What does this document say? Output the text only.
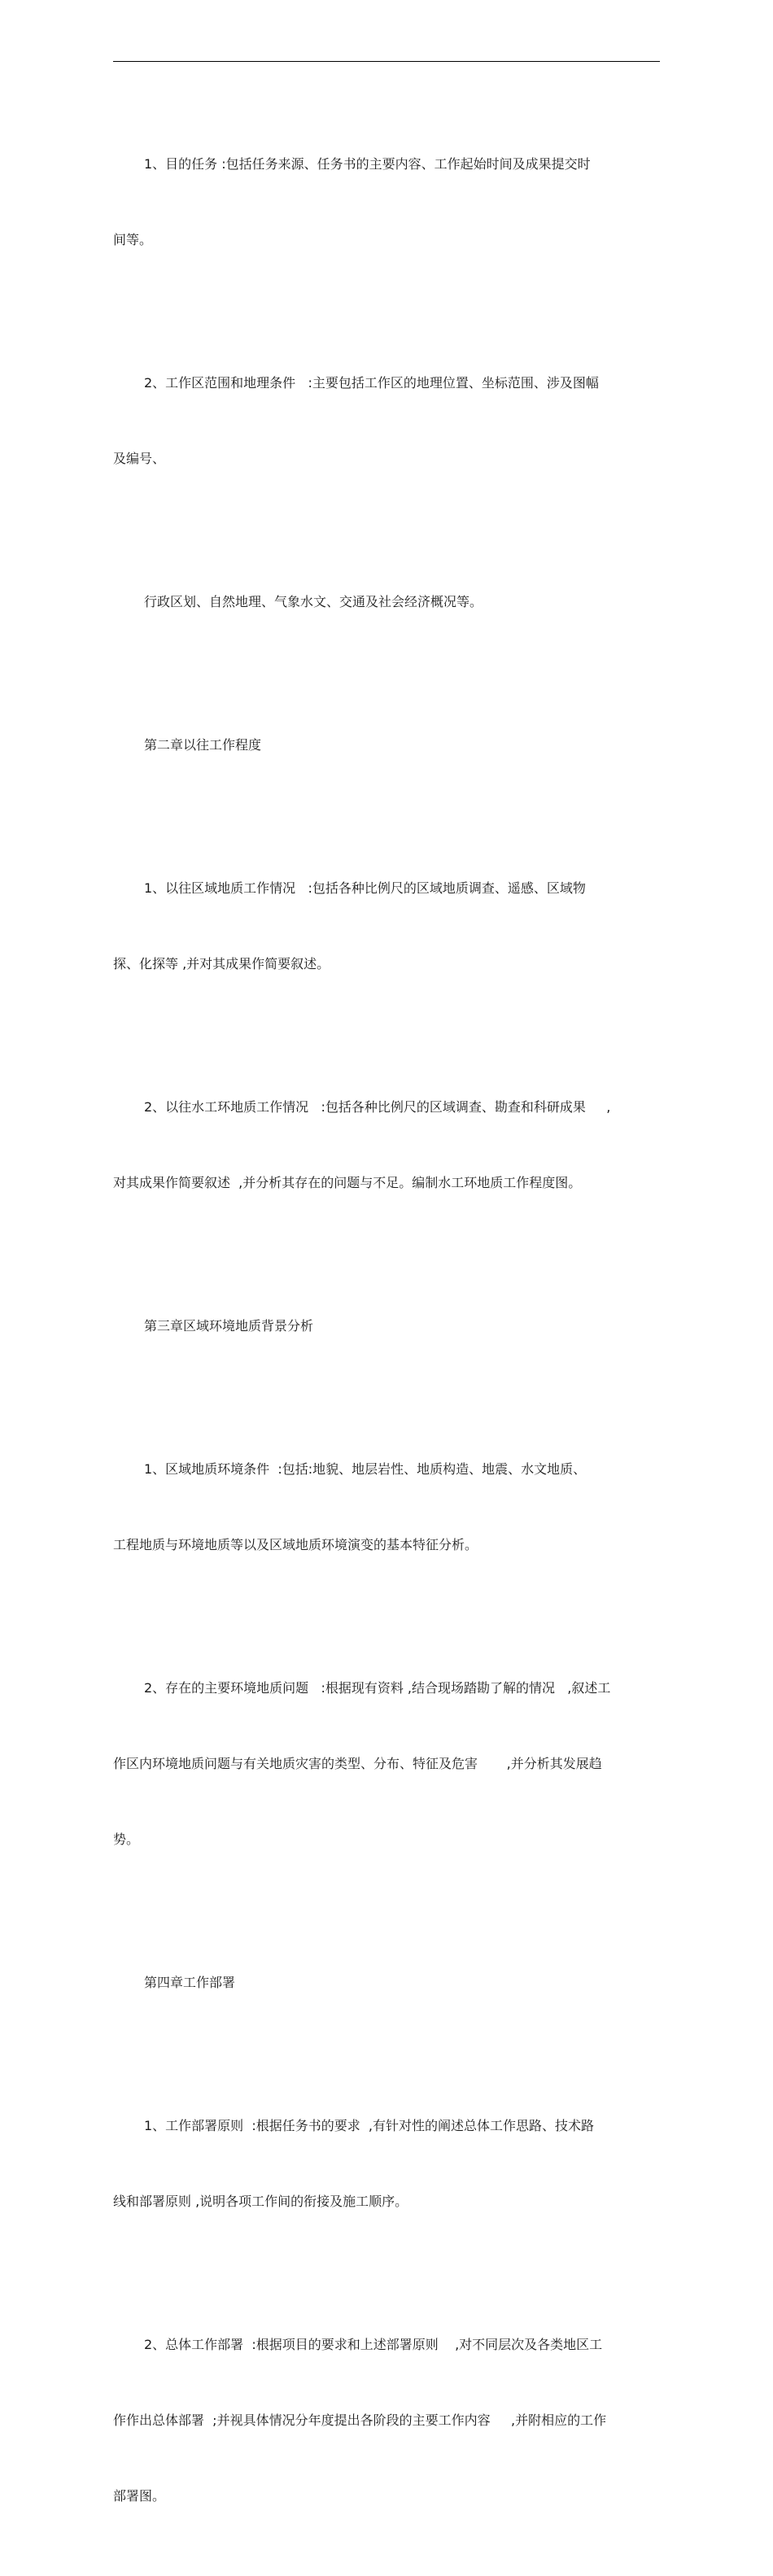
1、目的任务 :包括任务来源、任务书的主要内容、工作起始时间及成果提交时

间等。

2、工作区范围和地理条件   :主要包括工作区的地理位置、坐标范围、涉及图幅

及编号、

行政区划、自然地理、气象水文、交通及社会经济概况等。

第二章以往工作程度

1、以往区域地质工作情况   :包括各种比例尺的区域地质调查、遥感、区域物

探、化探等 ,并对其成果作简要叙述。

2、以往水工环地质工作情况   :包括各种比例尺的区域调查、勘查和科研成果     ,

对其成果作简要叙述  ,并分析其存在的问题与不足。编制水工环地质工作程度图。

第三章区域环境地质背景分析

1、区域地质环境条件  :包括:地貌、地层岩性、地质构造、地震、水文地质、

工程地质与环境地质等以及区域地质环境演变的基本特征分析。

2、存在的主要环境地质问题   :根据现有资料 ,结合现场踏勘了解的情况   ,叙述工

作区内环境地质问题与有关地质灾害的类型、分布、特征及危害       ,并分析其发展趋

势。

第四章工作部署

1、工作部署原则  :根据任务书的要求  ,有针对性的阐述总体工作思路、技术路

线和部署原则 ,说明各项工作间的衔接及施工顺序。

2、总体工作部署  :根据项目的要求和上述部署原则    ,对不同层次及各类地区工

作作出总体部署  ;并视具体情况分年度提出各阶段的主要工作内容     ,并附相应的工作

部署图。
